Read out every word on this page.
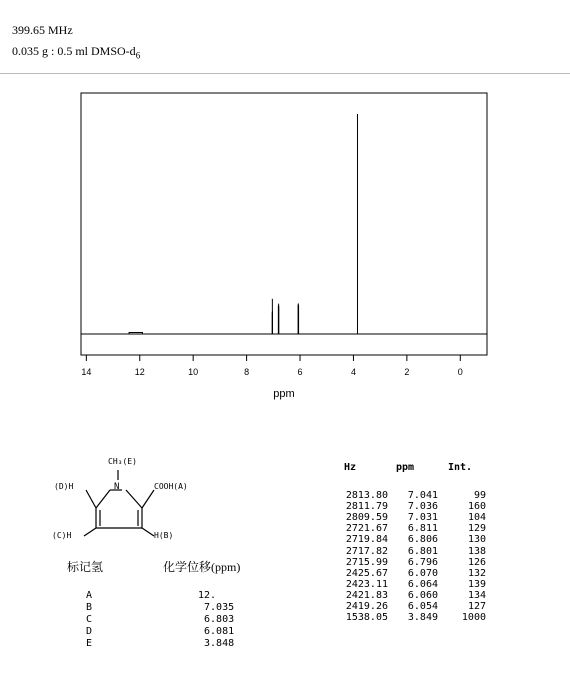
399.65 MHz
0.035 g : 0.5 ml DMSO-$d_6$
14	12	10	8	6	4	2	0
ppm
CH₃(E)
N	COOH(A)
(D)H
(C)H	H(B)
标记氢	化学位移(ppm)
A	12.
B	7.035
C	6.803
D	6.081
E	3.848
Hz	ppm	Int.
2813.80 7.041	99
2811.79 7.036	160
2809.59 7.031	104
2721.67 6.811	129
2719.84 6.806	130
2717.82 6.801	138
2715.99 6.796	126
2425.67 6.070	132
2423.11 6.064	139
2421.83 6.060	134
2419.26 6.054	127
1538.05 3.849 1000
